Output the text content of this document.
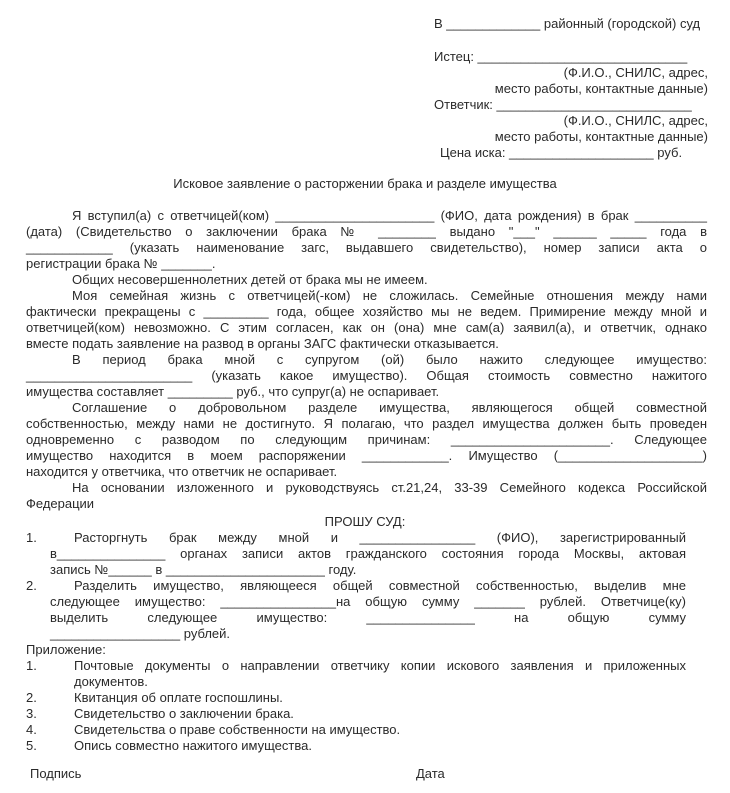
В _____________ районный (городской) суд
Истец: _____________________________
(Ф.И.О., СНИЛС, адрес,
место работы, контактные данные)
Ответчик: ___________________________
(Ф.И.О., СНИЛС, адрес,
место работы, контактные данные)
Цена иска: ____________________ руб.
Исковое заявление о расторжении брака и разделе имущества
Я вступил(а) с ответчицей(ком) ______________________ (ФИО, дата рождения) в брак __________
(дата) (Свидетельство о заключении брака № ________ выдано "___" ______ _____ года в
____________ (указать наименование загс, выдавшего свидетельство), номер записи акта о
регистрации брака № _______.
Общих несовершеннолетних детей от брака мы не имеем.
Моя семейная жизнь с ответчицей(-ком) не сложилась. Семейные отношения между нами
фактически прекращены с _________ года, общее хозяйство мы не ведем. Примирение между мной и
ответчицей(ком) невозможно. С этим согласен, как он (она) мне сам(а) заявил(а), и ответчик, однако
вместе подать заявление на развод в органы ЗАГС фактически отказывается.
В период брака мной с супругом (ой) было нажито следующее имущество:
_______________________ (указать какое имущество). Общая стоимость совместно нажитого
имущества составляет _________ руб., что супруг(а) не оспаривает.
Соглашение о добровольном разделе имущества, являющегося общей совместной
собственностью, между нами не достигнуто. Я полагаю, что раздел имущества должен быть проведен
одновременно с разводом по следующим причинам: ______________________. Следующее
имущество находится в моем распоряжении ____________. Имущество (____________________)
находится у ответчика, что ответчик не оспаривает.
На основании изложенного и руководствуясь ст.21,24, 33-39 Семейного кодекса Российской
Федерации
ПРОШУ СУД:
1.	Расторгнуть брак между мной и ________________ (ФИО), зарегистрированный
в_______________ органах записи актов гражданского состояния города Москвы, актовая
запись №______ в ______________________ году.
2.	Разделить имущество, являющееся общей совместной собственностью, выделив мне
следующее имущество: ________________на общую сумму _______ рублей. Ответчице(ку)
выделить следующее имущество: _______________ на общую сумму
__________________ рублей.
Приложение:
1.	Почтовые документы о направлении ответчику копии искового заявления и приложенных
документов.
2.	Квитанция об оплате госпошлины.
3.	Свидетельство о заключении брака.
4.	Свидетельства о праве собственности на имущество.
5.	Опись совместно нажитого имущества.
Подпись	Дата
